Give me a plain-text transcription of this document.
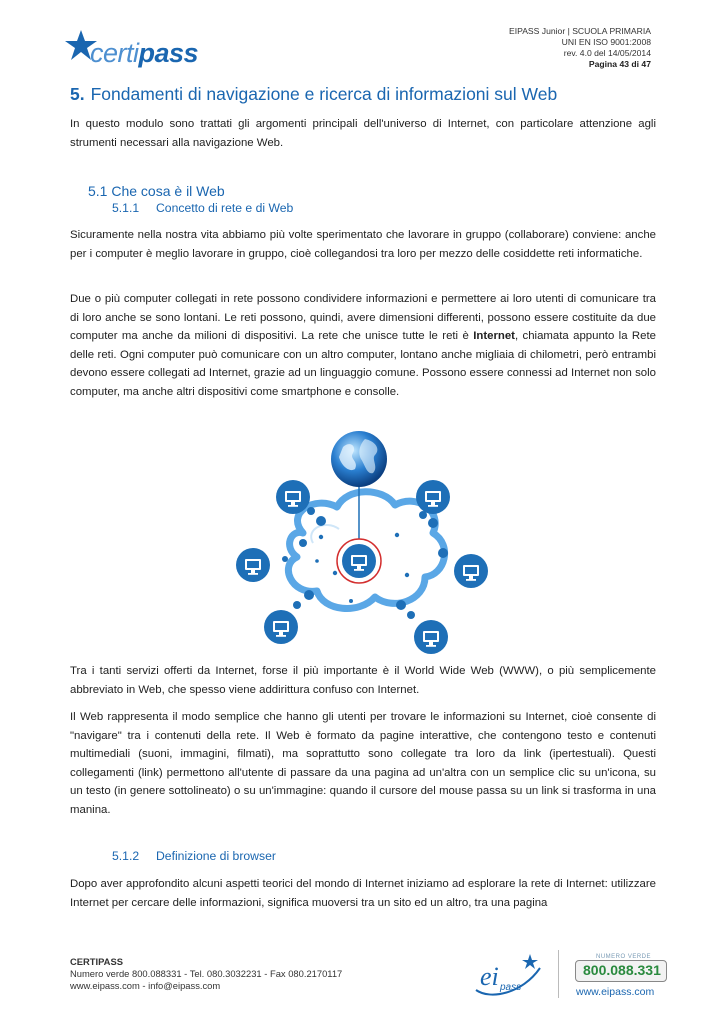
certipass
EIPASS Junior | SCUOLA PRIMARIA
UNI EN ISO 9001:2008
rev. 4.0 del 14/05/2014
Pagina 43 di 47
5. Fondamenti di navigazione e ricerca di informazioni sul Web
In questo modulo sono trattati gli argomenti principali dell'universo di Internet, con particolare attenzione agli strumenti necessari alla navigazione Web.
5.1 Che cosa è il Web
5.1.1 Concetto di rete e di Web
Sicuramente nella nostra vita abbiamo più volte sperimentato che lavorare in gruppo (collaborare) conviene: anche per i computer è meglio lavorare in gruppo, cioè collegandosi tra loro per mezzo delle cosiddette reti informatiche.
Due o più computer collegati in rete possono condividere informazioni e permettere ai loro utenti di comunicare tra di loro anche se sono lontani. Le reti possono, quindi, avere dimensioni differenti, possono essere costituite da due computer ma anche da milioni di dispositivi. La rete che unisce tutte le reti è Internet, chiamata appunto la Rete delle reti. Ogni computer può comunicare con un altro computer, lontano anche migliaia di chilometri, però entrambi devono essere collegati ad Internet, grazie ad un linguaggio comune. Possono essere connessi ad Internet non solo computer, ma anche altri dispositivi come smartphone e consolle.
Tra i tanti servizi offerti da Internet, forse il più importante è il World Wide Web (WWW), o più semplicemente abbreviato in Web, che spesso viene addirittura confuso con Internet.
Il Web rappresenta il modo semplice che hanno gli utenti per trovare le informazioni su Internet, cioè consente di "navigare" tra i contenuti della rete. Il Web è formato da pagine interattive, che contengono testo e contenuti multimediali (suoni, immagini, filmati), ma soprattutto sono collegate tra loro da link (ipertestuali). Questi collegamenti (link) permettono all'utente di passare da una pagina ad un'altra con un semplice clic su un'icona, su un testo (in genere sottolineato) o su un'immagine: quando il cursore del mouse passa su un link si trasforma in una manina.
5.1.2 Definizione di browser
Dopo aver approfondito alcuni aspetti teorici del mondo di Internet iniziamo ad esplorare la rete di Internet: utilizzare Internet per cercare delle informazioni, significa muoversi tra un sito ed un altro, tra una pagina
CERTIPASS
Numero verde 800.088331 - Tel. 080.3032231 - Fax 080.2170117
www.eipass.com - info@eipass.com	ei pass
NUMERO VERDE
800.088.331
www.eipass.com
